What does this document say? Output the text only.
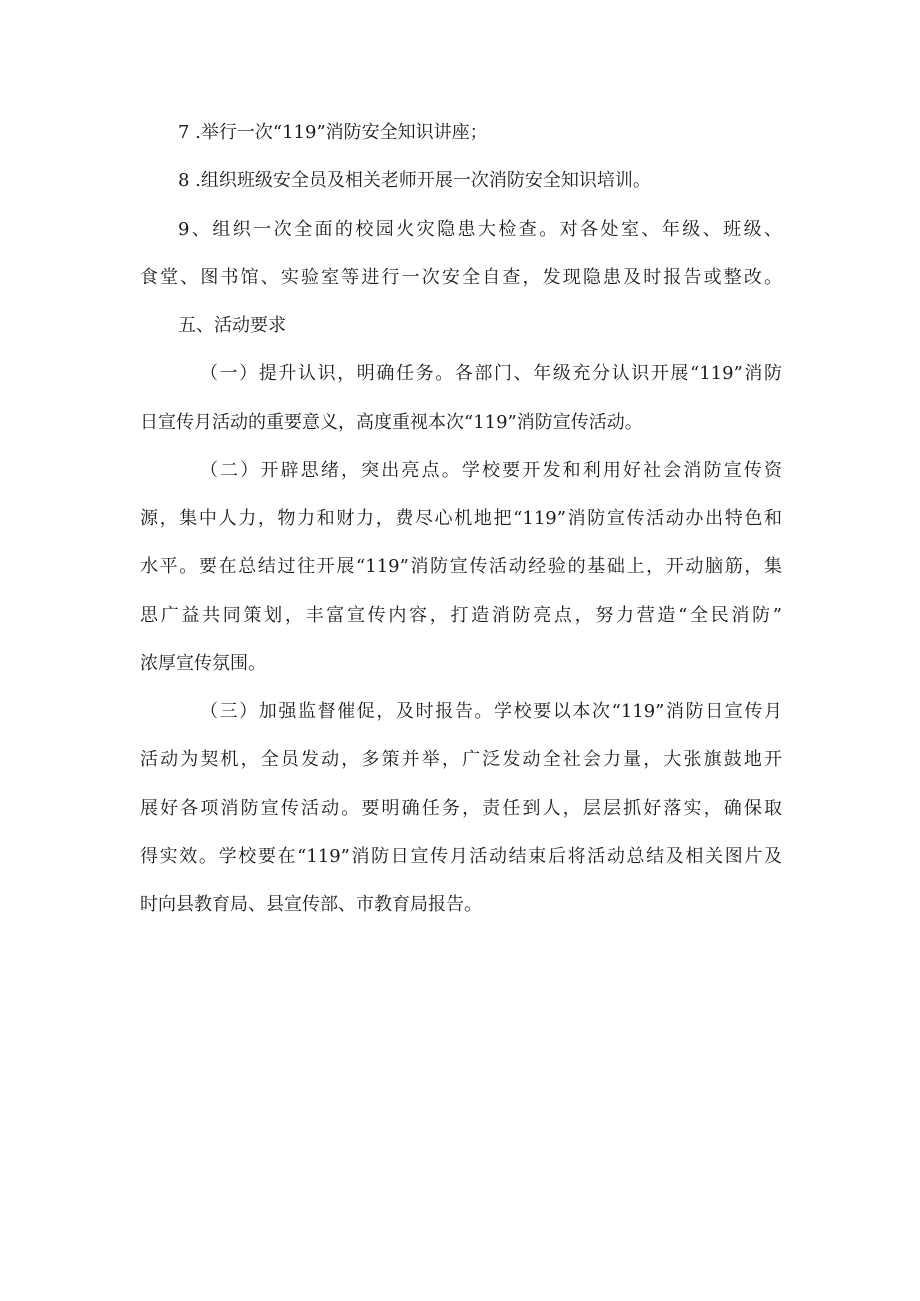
7 .举行一次“119”消防安全知识讲座；

8 .组织班级安全员及相关老师开展一次消防安全知识培训。

9、组织一次全面的校园火灾隐患大检查。对各处室、年级、班级、

食堂、图书馆、实验室等进行一次安全自查，发现隐患及时报告或整改。

五、活动要求

（一）提升认识，明确任务。各部门、年级充分认识开展“119”消防

日宣传月活动的重要意义，高度重视本次“119”消防宣传活动。

（二）开辟思绪，突出亮点。学校要开发和利用好社会消防宣传资

源，集中人力，物力和财力，费尽心机地把“119”消防宣传活动办出特色和

水平。要在总结过往开展“119”消防宣传活动经验的基础上，开动脑筋，集

思广益共同策划，丰富宣传内容，打造消防亮点，努力营造“全民消防”

浓厚宣传氛围。

（三）加强监督催促，及时报告。学校要以本次“119”消防日宣传月

活动为契机，全员发动，多策并举，广泛发动全社会力量，大张旗鼓地开

展好各项消防宣传活动。要明确任务，责任到人，层层抓好落实，确保取

得实效。学校要在“119”消防日宣传月活动结束后将活动总结及相关图片及

时向县教育局、县宣传部、市教育局报告。
